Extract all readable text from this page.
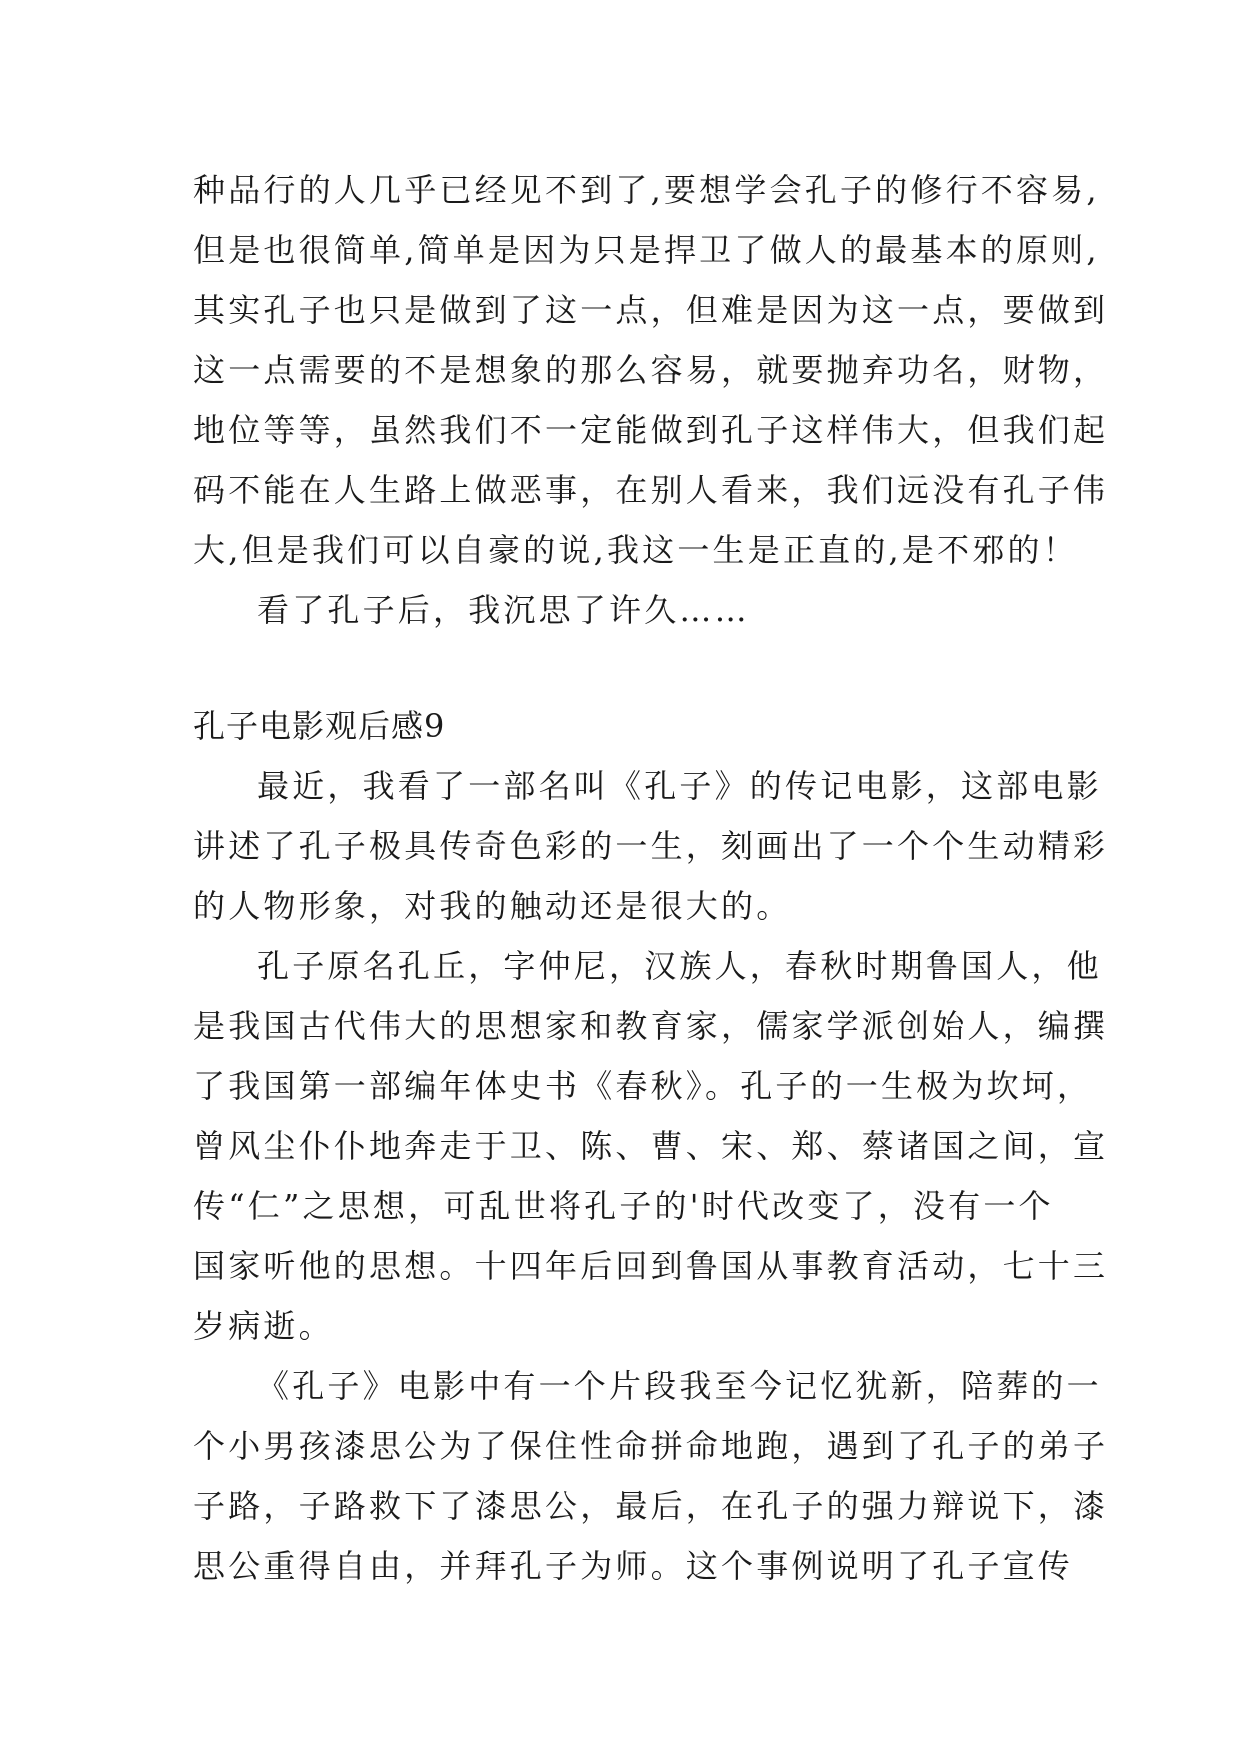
种品行的人几乎已经见不到了,要想学会孔子的修行不容易,
但是也很简单,简单是因为只是捍卫了做人的最基本的原则,
其实孔子也只是做到了这一点，但难是因为这一点，要做到
这一点需要的不是想象的那么容易，就要抛弃功名，财物，
地位等等，虽然我们不一定能做到孔子这样伟大，但我们起
码不能在人生路上做恶事，在别人看来，我们远没有孔子伟
大,但是我们可以自豪的说,我这一生是正直的,是不邪的！
看了孔子后，我沉思了许久……
孔子电影观后感9
最近，我看了一部名叫《孔子》的传记电影，这部电影
讲述了孔子极具传奇色彩的一生，刻画出了一个个生动精彩
的人物形象，对我的触动还是很大的。
孔子原名孔丘，字仲尼，汉族人，春秋时期鲁国人，他
是我国古代伟大的思想家和教育家，儒家学派创始人，编撰
了我国第一部编年体史书《春秋》。孔子的一生极为坎坷，
曾风尘仆仆地奔走于卫、陈、曹、宋、郑、蔡诸国之间，宣
传“仁”之思想，可乱世将孔子的'时代改变了，没有一个
国家听他的思想。十四年后回到鲁国从事教育活动，七十三
岁病逝。
《孔子》电影中有一个片段我至今记忆犹新，陪葬的一
个小男孩漆思公为了保住性命拼命地跑，遇到了孔子的弟子
子路，子路救下了漆思公，最后，在孔子的强力辩说下，漆
思公重得自由，并拜孔子为师。这个事例说明了孔子宣传
